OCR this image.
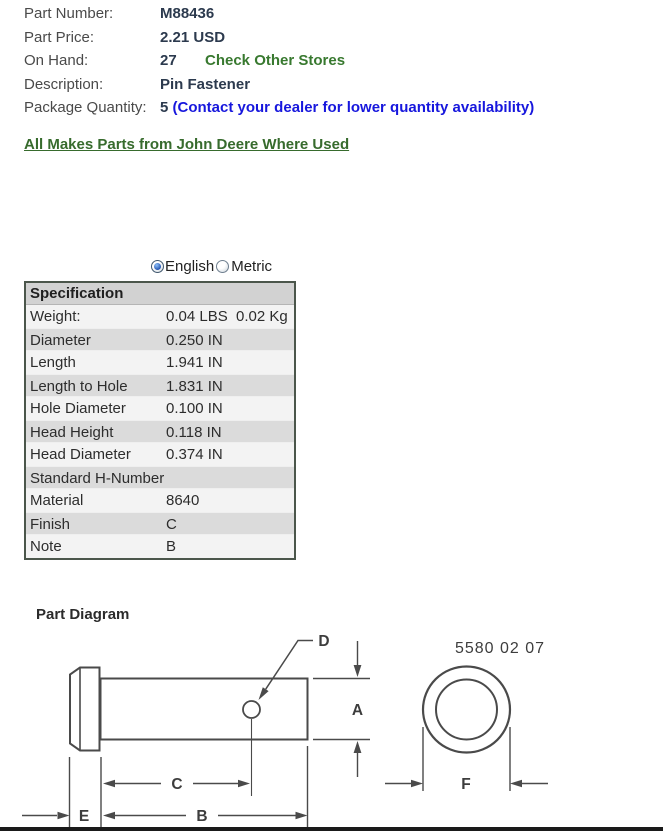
Part Number:	M88436
Part Price:	2.21 USD
On Hand:	27 Check Other Stores
Description:	Pin Fastener
Package Quantity: 5 (Contact your dealer for lower quantity availability)
All Makes Parts from John Deere Where Used
English Metric
Specification
Weight:	0.04 LBS  0.02 Kg
Diameter	0.250 IN
Length	1.941 IN
Length to Hole	1.831 IN
Hole Diameter	0.100 IN
Head Height	0.118 IN
Head Diameter	0.374 IN
Standard H-Number
Material	8640
Finish	C
Note	B
Part Diagram
D
A
C
B
E
5580 02 07
F
